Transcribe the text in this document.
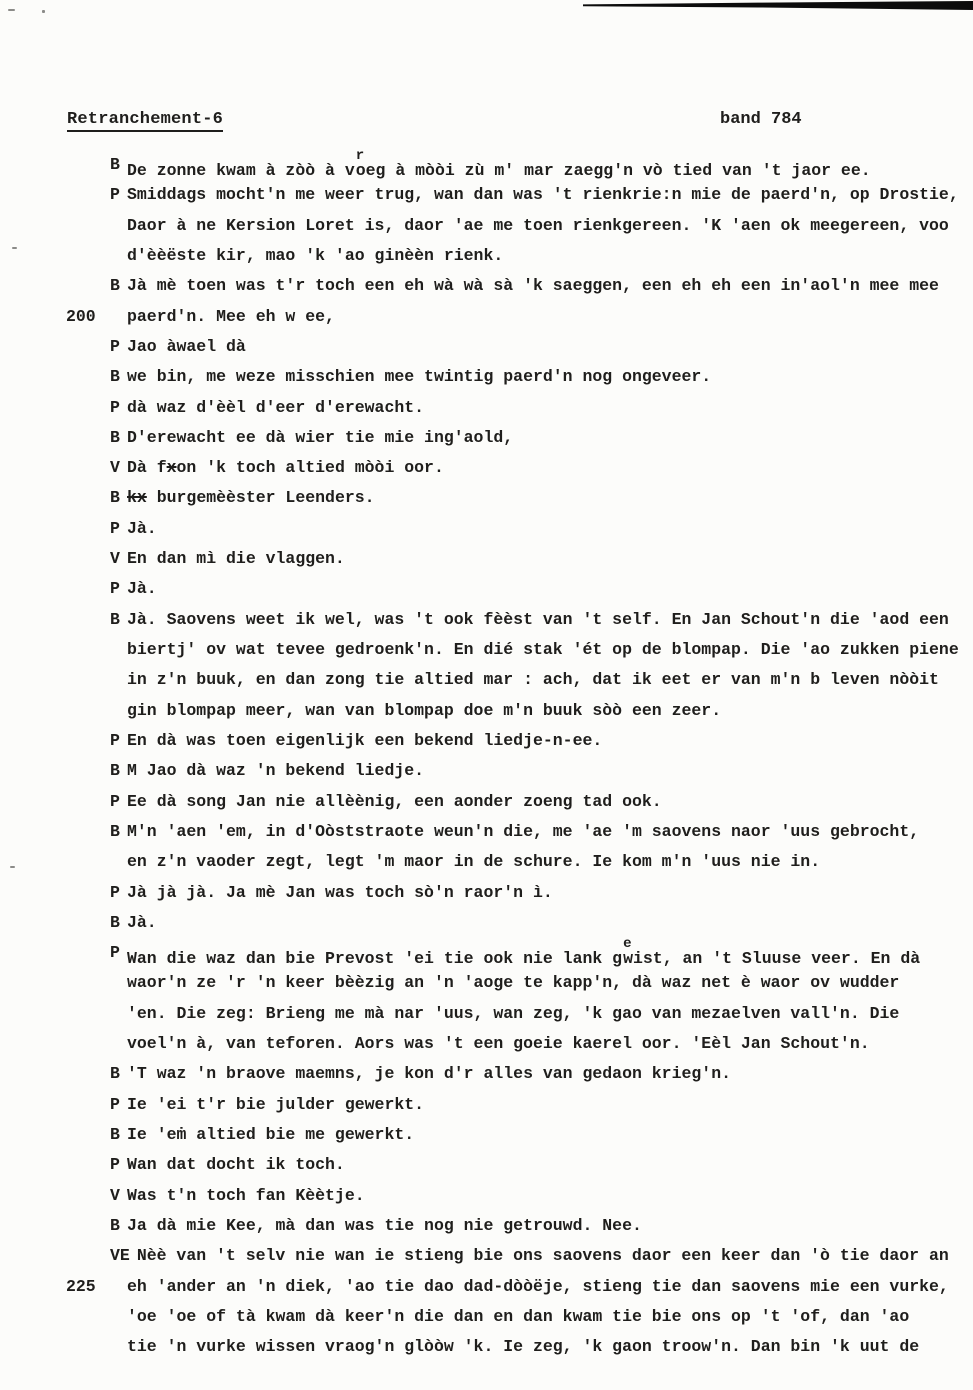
Retranchement-6	band 784
B De zonne kwam à zòò à $v^roeg$ à mòòi zù m' mar zaegg'n vò tied van 't jaor ee.
P Smiddags mocht'n me weer trug, wan dan was 't rienkrie:n mie de paerd'n, op Drostie,
Daor à ne Kersion Loret is, daor 'ae me toen rienkgereen. 'K 'aen ok meegereen, voo
d'èèëste kir, mao 'k 'ao ginèèn rienk.
B Jà mè toen was t'r toch een eh wà wà sà 'k saeggen, een eh eh een in'aol'n mee mee
200 paerd'n. Mee eh w ee,
P Jao àwael dà
B we bin, me weze misschien mee twintig paerd'n nog ongeveer.
P dà waz d'èèl d'eer d'erewacht.
B D'erewacht ee dà wier tie mie ing'aold,
V Dà fxon 'k toch altied mòòi oor.
B kx burgemèèster Leenders.
P Jà.
V En dan mì die vlaggen.
P Jà.
B Jà. Saovens weet ik wel, was 't ook fèèst van 't self. En Jan Schout'n die 'aod een
biertj' ov wat tevee gedroenk'n. En dié stak 'ét op de blompap. Die 'ao zukken piene
in z'n buuk, en dan zong tie altied mar : ach, dat ik eet er van m'n b leven nòòit
gin blompap meer, wan van blompap doe m'n buuk sòò een zeer.
P En dà was toen eigenlijk een bekend liedje-n-ee.
B M Jao dà waz 'n bekend liedje.
P Ee dà song Jan nie allèènig, een aonder zoeng tad ook.
B M'n 'aen 'em, in d'Oòststraote weun'n die, me 'ae 'm saovens naor 'uus gebrocht,
en z'n vaoder zegt, legt 'm maor in de schure. Ie kom m'n 'uus nie in.
P Jà jà jà. Ja mè Jan was toch sò'n raor'n ì.
B Jà.
P Wan die waz dan bie Prevost 'ei tie ook nie lank $g^ewist$, an 't Sluuse veer. En dà
waor'n ze 'r 'n keer bèèzig an 'n 'aoge te kapp'n, dà waz net è waor ov wudder
'en. Die zeg: Brieng me mà nar 'uus, wan zeg, 'k gao van mezaelven vall'n. Die
voel'n à, van teforen. Aors was 't een goeie kaerel oor. 'Eèl Jan Schout'n.
B 'T waz 'n braove maemns, je kon d'r alles van gedaon krieg'n.
P Ie 'ei t'r bie julder gewerkt.
B Ie 'eṁ altied bie me gewerkt.
P Wan dat docht ik toch.
V Was t'n toch fan Kèètje.
B Ja dà mie Kee, mà dan was tie nog nie getrouwd. Nee.
VE Nèè van 't selv nie wan ie stieng bie ons saovens daor een keer dan 'ò tie daor an
225 eh 'ander an 'n diek, 'ao tie dao dad-dòòëje, stieng tie dan saovens mie een vurke,
'oe 'oe of tà kwam dà keer'n die dan en dan kwam tie bie ons op 't 'of, dan 'ao
tie 'n vurke wissen vraog'n glòòw 'k. Ie zeg, 'k gaon troow'n. Dan bin 'k uut de
